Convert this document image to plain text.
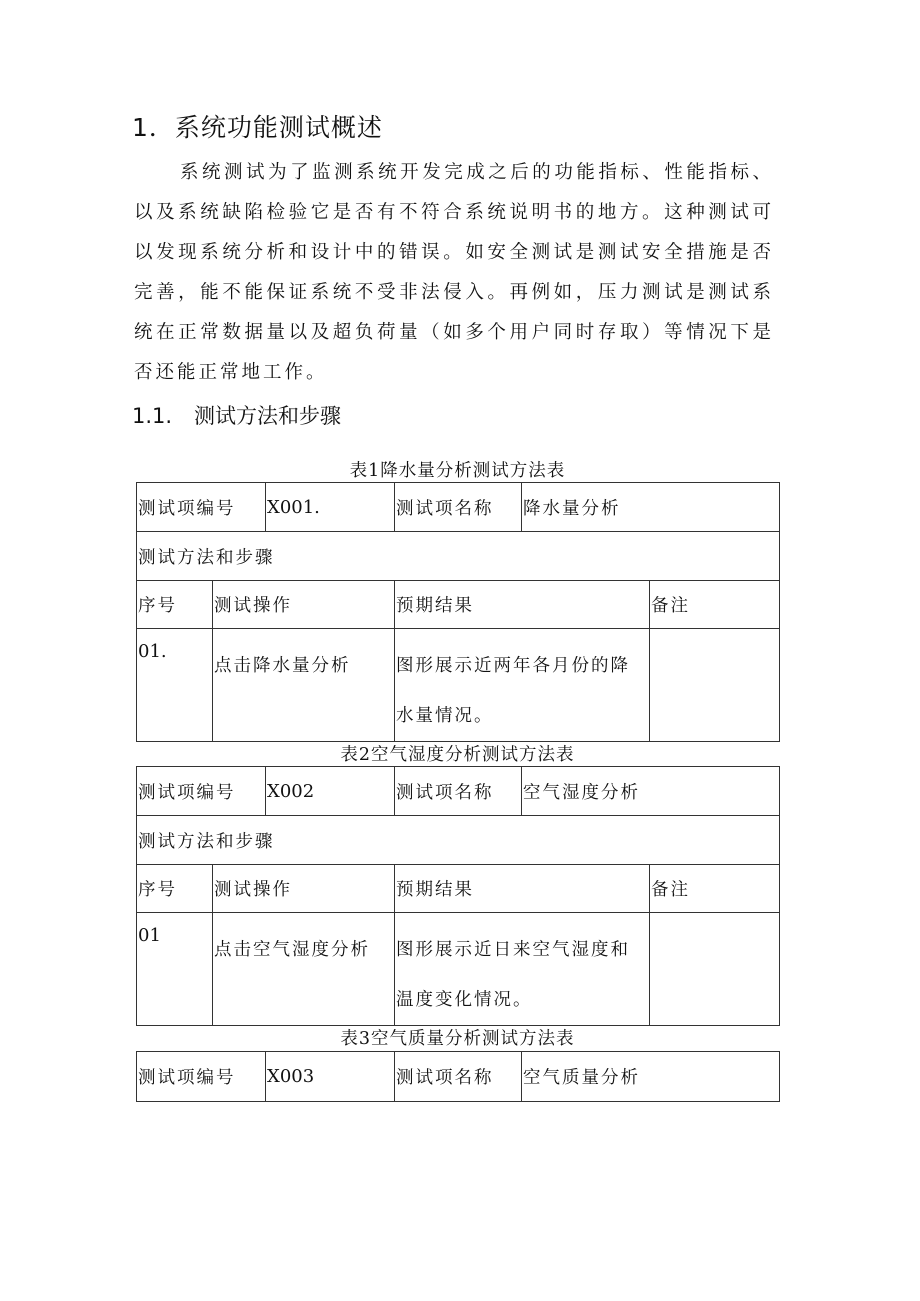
1．系统功能测试概述

系统测试为了监测系统开发完成之后的功能指标、性能指标、以及系统缺陷检验它是否有不符合系统说明书的地方。这种测试可以发现系统分析和设计中的错误。如安全测试是测试安全措施是否完善，能不能保证系统不受非法侵入。再例如，压力测试是测试系统在正常数据量以及超负荷量（如多个用户同时存取）等情况下是否还能正常地工作。

1.1. 测试方法和步骤
表1降水量分析测试方法表
测试项编号		X001.	测试项名称	降水量分析	
测试方法和步骤					
序号	测试操作		预期结果		备注

01.	点击降水量分析		图形展示近两年各月份的降水量情况。		

表2空气湿度分析测试方法表
测试项编号		X002	测试项名称	空气湿度分析	
测试方法和步骤					
序号	测试操作		预期结果		备注

01	点击空气湿度分析		图形展示近日来空气湿度和温度变化情况。		

表3空气质量分析测试方法表
测试项编号	X003	测试项名称	空气质量分析
